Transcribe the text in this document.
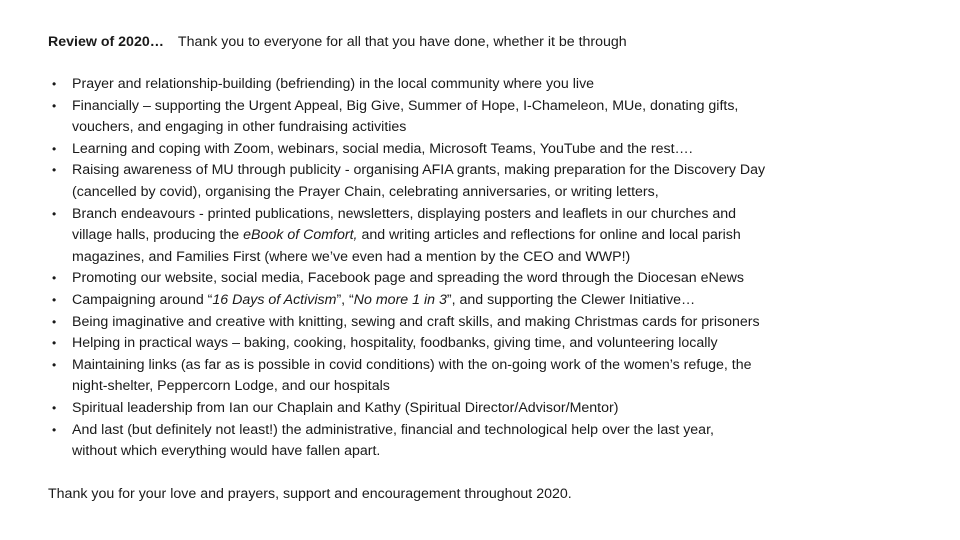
Review of 2020… Thank you to everyone for all that you have done, whether it be through
• Prayer and relationship-building (befriending) in the local community where you live
• Financially – supporting the Urgent Appeal, Big Give, Summer of Hope, I-Chameleon, MUe, donating gifts,
vouchers, and engaging in other fundraising activities
• Learning and coping with Zoom, webinars, social media, Microsoft Teams, YouTube and the rest….
• Raising awareness of MU through publicity - organising AFIA grants, making preparation for the Discovery Day
(cancelled by covid), organising the Prayer Chain, celebrating anniversaries, or writing letters,
• Branch endeavours - printed publications, newsletters, displaying posters and leaflets in our churches and
village halls, producing the eBook of Comfort, and writing articles and reflections for online and local parish
magazines, and Families First (where we’ve even had a mention by the CEO and WWP!)
• Promoting our website, social media, Facebook page and spreading the word through the Diocesan eNews
• Campaigning around “16 Days of Activism”, “No more 1 in 3”, and supporting the Clewer Initiative…
• Being imaginative and creative with knitting, sewing and craft skills, and making Christmas cards for prisoners
• Helping in practical ways – baking, cooking, hospitality, foodbanks, giving time, and volunteering locally
• Maintaining links (as far as is possible in covid conditions) with the on-going work of the women’s refuge, the
night-shelter, Peppercorn Lodge, and our hospitals
• Spiritual leadership from Ian our Chaplain and Kathy (Spiritual Director/Advisor/Mentor)
• And last (but definitely not least!) the administrative, financial and technological help over the last year,
without which everything would have fallen apart.
Thank you for your love and prayers, support and encouragement throughout 2020.
